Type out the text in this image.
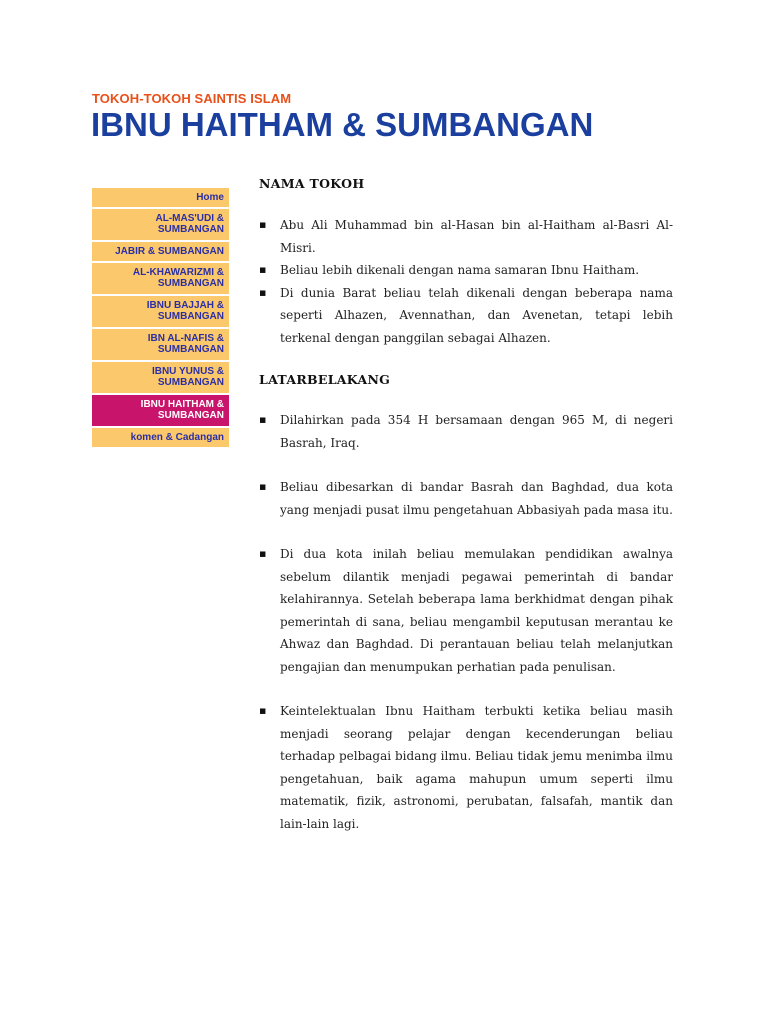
TOKOH-TOKOH SAINTIS ISLAM
IBNU HAITHAM & SUMBANGAN
Home
AL-MAS'UDI & SUMBANGAN
JABIR & SUMBANGAN
AL-KHAWARIZMI & SUMBANGAN
IBNU BAJJAH & SUMBANGAN
IBN AL-NAFIS & SUMBANGAN
IBNU YUNUS & SUMBANGAN
IBNU HAITHAM & SUMBANGAN
komen & Cadangan
NAMA TOKOH
▪ Abu Ali Muhammad bin al-Hasan bin al-Haitham al-Basri Al-Misri.
▪ Beliau lebih dikenali dengan nama samaran Ibnu Haitham.
▪ Di dunia Barat beliau telah dikenali dengan beberapa nama seperti Alhazen, Avennathan, dan Avenetan, tetapi lebih terkenal dengan panggilan sebagai Alhazen.
LATARBELAKANG
▪ Dilahirkan pada 354 H bersamaan dengan 965 M, di negeri Basrah, Iraq.
▪ Beliau dibesarkan di bandar Basrah dan Baghdad, dua kota yang menjadi pusat ilmu pengetahuan Abbasiyah pada masa itu.
▪ Di dua kota inilah beliau memulakan pendidikan awalnya sebelum dilantik menjadi pegawai pemerintah di bandar kelahirannya. Setelah beberapa lama berkhidmat dengan pihak pemerintah di sana, beliau mengambil keputusan merantau ke Ahwaz dan Baghdad. Di perantauan beliau telah melanjutkan pengajian dan menumpukan perhatian pada penulisan.
▪ Keintelektualan Ibnu Haitham terbukti ketika beliau masih menjadi seorang pelajar dengan kecenderungan beliau terhadap pelbagai bidang ilmu. Beliau tidak jemu menimba ilmu pengetahuan, baik agama mahupun umum seperti ilmu matematik, fizik, astronomi, perubatan, falsafah, mantik dan lain-lain lagi.
